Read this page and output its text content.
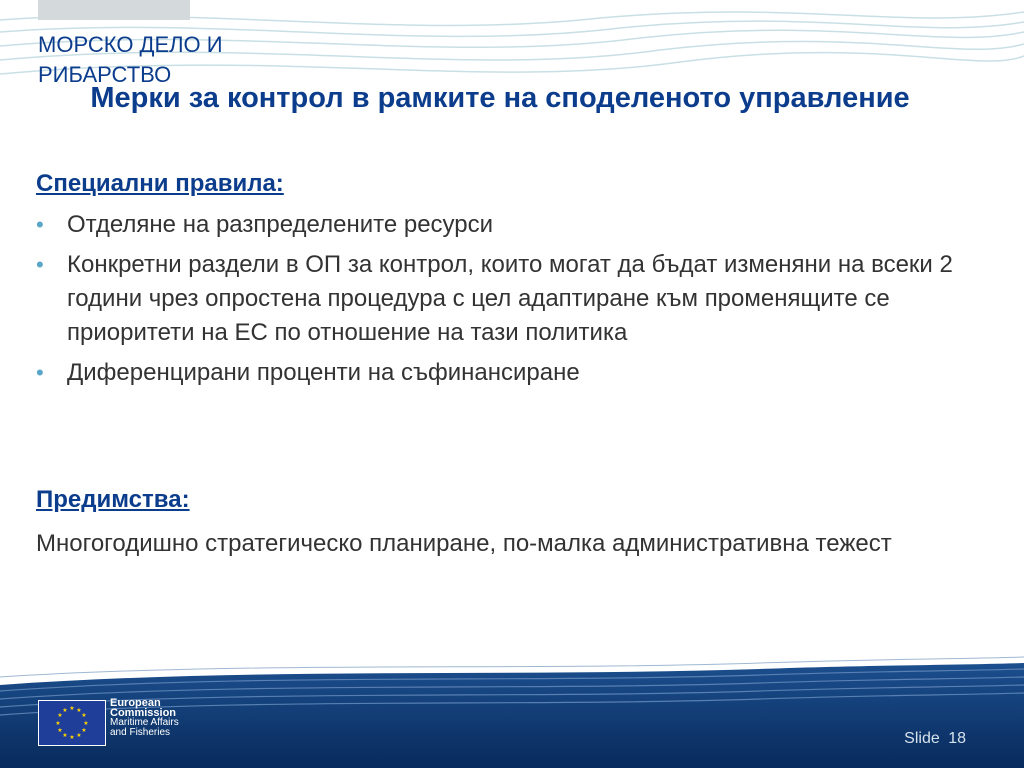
МОРСКО ДЕЛО И РИБАРСТВО

Мерки за контрол в рамките на споделеното управление
Специални правила:
• Отделяне на разпределените ресурси
• Конкретни раздели в ОП за контрол, които могат да бъдат изменяни на всеки 2 години чрез опростена процедура с цел адаптиране към променящите се приоритети на ЕС по отношение на тази политика
• Диференцирани проценти на съфинансиране
Предимства:

Многогодишно стратегическо планиране, по-малка административна тежест

★ ★
★
★
★
★
★
★
★
★
★
★
European
Commission
Maritime Affairs
and Fisheries	Slide 18
